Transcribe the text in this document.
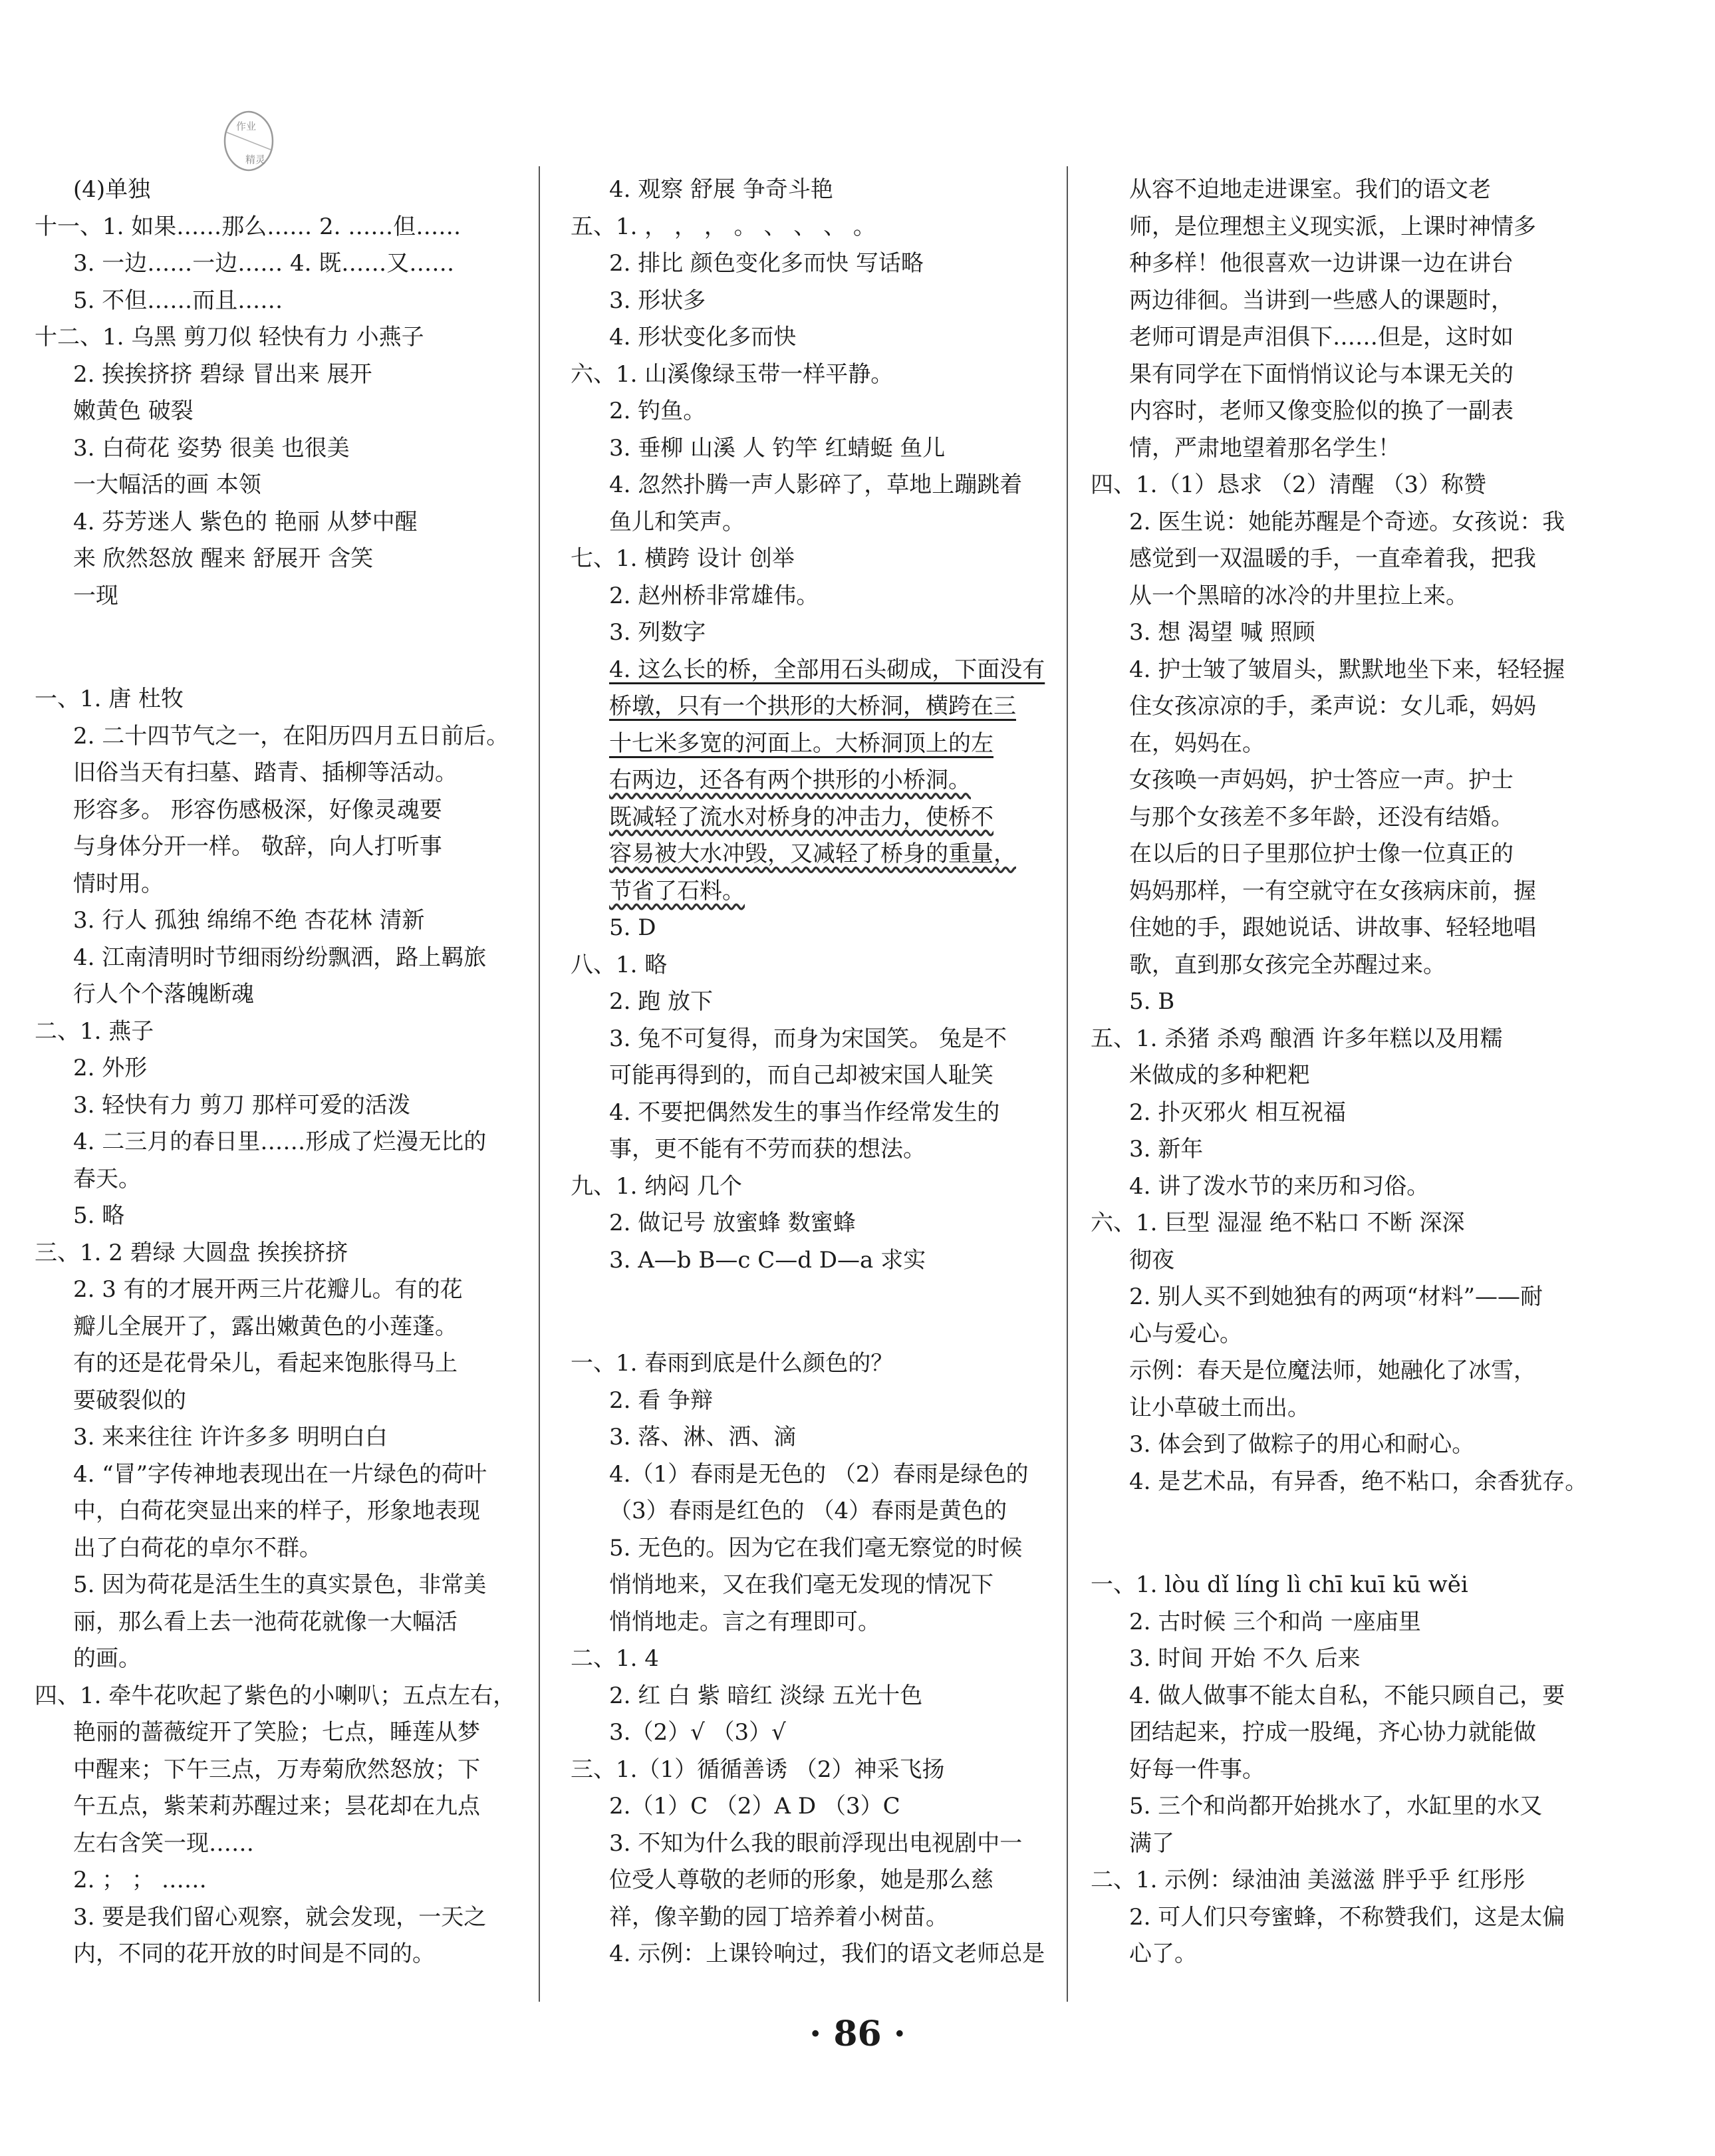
作业
精灵
(4)单独
十一、1. 如果……那么…… 2. ……但……
3. 一边……一边…… 4. 既……又……
5. 不但……而且……
十二、1. 乌黑 剪刀似 轻快有力 小燕子
2. 挨挨挤挤 碧绿 冒出来 展开
嫩黄色 破裂
3. 白荷花 姿势 很美 也很美
一大幅活的画 本领
4. 芬芳迷人 紫色的 艳丽 从梦中醒
来 欣然怒放 醒来 舒展开 含笑
一现
一、1. 唐 杜牧
2. 二十四节气之一，在阳历四月五日前后。
旧俗当天有扫墓、踏青、插柳等活动。
形容多。 形容伤感极深，好像灵魂要
与身体分开一样。 敬辞，向人打听事
情时用。
3. 行人 孤独 绵绵不绝 杏花林 清新
4. 江南清明时节细雨纷纷飘洒，路上羁旅
行人个个落魄断魂
二、1. 燕子
2. 外形
3. 轻快有力 剪刀 那样可爱的活泼
4. 二三月的春日里……形成了烂漫无比的
春天。
5. 略
三、1. 2 碧绿 大圆盘 挨挨挤挤
2. 3 有的才展开两三片花瓣儿。有的花
瓣儿全展开了，露出嫩黄色的小莲蓬。
有的还是花骨朵儿，看起来饱胀得马上
要破裂似的
3. 来来往往 许许多多 明明白白
4. “冒”字传神地表现出在一片绿色的荷叶
中，白荷花突显出来的样子，形象地表现
出了白荷花的卓尔不群。
5. 因为荷花是活生生的真实景色，非常美
丽，那么看上去一池荷花就像一大幅活
的画。
四、1. 牵牛花吹起了紫色的小喇叭；五点左右，
艳丽的蔷薇绽开了笑脸；七点，睡莲从梦
中醒来；下午三点，万寿菊欣然怒放；下
午五点，紫茉莉苏醒过来；昙花却在九点
左右含笑一现……
2. ； ； ……
3. 要是我们留心观察，就会发现，一天之
内，不同的花开放的时间是不同的。
4. 观察 舒展 争奇斗艳
五、1. ， ， ， 。 、 、 、 。
2. 排比 颜色变化多而快 写话略
3. 形状多
4. 形状变化多而快
六、1. 山溪像绿玉带一样平静。
2. 钓鱼。
3. 垂柳 山溪 人 钓竿 红蜻蜓 鱼儿
4. 忽然扑腾一声人影碎了，草地上蹦跳着
鱼儿和笑声。
七、1. 横跨 设计 创举
2. 赵州桥非常雄伟。
3. 列数字
4. 这么长的桥，全部用石头砌成，下面没有
桥墩，只有一个拱形的大桥洞，横跨在三
十七米多宽的河面上。大桥洞顶上的左
右两边，还各有两个拱形的小桥洞。
既减轻了流水对桥身的冲击力，使桥不
容易被大水冲毁，又减轻了桥身的重量，
节省了石料。
5. D
八、1. 略
2. 跑 放下
3. 兔不可复得，而身为宋国笑。 兔是不
可能再得到的，而自己却被宋国人耻笑
4. 不要把偶然发生的事当作经常发生的
事，更不能有不劳而获的想法。
九、1. 纳闷 几个
2. 做记号 放蜜蜂 数蜜蜂
3. A—b B—c C—d D—a 求实
一、1. 春雨到底是什么颜色的？
2. 看 争辩
3. 落、淋、洒、滴
4.（1）春雨是无色的 （2）春雨是绿色的
（3）春雨是红色的 （4）春雨是黄色的
5. 无色的。因为它在我们毫无察觉的时候
悄悄地来，又在我们毫无发现的情况下
悄悄地走。言之有理即可。
二、1. 4
2. 红 白 紫 暗红 淡绿 五光十色
3.（2）√ （3）√
三、1.（1）循循善诱 （2）神采飞扬
2.（1）C （2）A D （3）C
3. 不知为什么我的眼前浮现出电视剧中一
位受人尊敬的老师的形象，她是那么慈
祥，像辛勤的园丁培养着小树苗。
4. 示例：上课铃响过，我们的语文老师总是
从容不迫地走进课室。我们的语文老
师，是位理想主义现实派，上课时神情多
种多样！他很喜欢一边讲课一边在讲台
两边徘徊。当讲到一些感人的课题时，
老师可谓是声泪俱下……但是，这时如
果有同学在下面悄悄议论与本课无关的
内容时，老师又像变脸似的换了一副表
情，严肃地望着那名学生！
四、1.（1）恳求 （2）清醒 （3）称赞
2. 医生说：她能苏醒是个奇迹。女孩说：我
感觉到一双温暖的手，一直牵着我，把我
从一个黑暗的冰冷的井里拉上来。
3. 想 渴望 喊 照顾
4. 护士皱了皱眉头，默默地坐下来，轻轻握
住女孩凉凉的手，柔声说：女儿乖，妈妈
在，妈妈在。
女孩唤一声妈妈，护士答应一声。护士
与那个女孩差不多年龄，还没有结婚。
在以后的日子里那位护士像一位真正的
妈妈那样，一有空就守在女孩病床前，握
住她的手，跟她说话、讲故事、轻轻地唱
歌，直到那女孩完全苏醒过来。
5. B
五、1. 杀猪 杀鸡 酿酒 许多年糕以及用糯
米做成的多种粑粑
2. 扑灭邪火 相互祝福
3. 新年
4. 讲了泼水节的来历和习俗。
六、1. 巨型 湿湿 绝不粘口 不断 深深
彻夜
2. 别人买不到她独有的两项“材料”——耐
心与爱心。
示例：春天是位魔法师，她融化了冰雪，
让小草破土而出。
3. 体会到了做粽子的用心和耐心。
4. 是艺术品，有异香，绝不粘口，余香犹存。
一、1. lòu dǐ líng lì chī kuī kū wěi
2. 古时候 三个和尚 一座庙里
3. 时间 开始 不久 后来
4. 做人做事不能太自私，不能只顾自己，要
团结起来，拧成一股绳，齐心协力就能做
好每一件事。
5. 三个和尚都开始挑水了，水缸里的水又
满了
二、1. 示例：绿油油 美滋滋 胖乎乎 红彤彤
2. 可人们只夸蜜蜂，不称赞我们，这是太偏
心了。
· 86 ·
